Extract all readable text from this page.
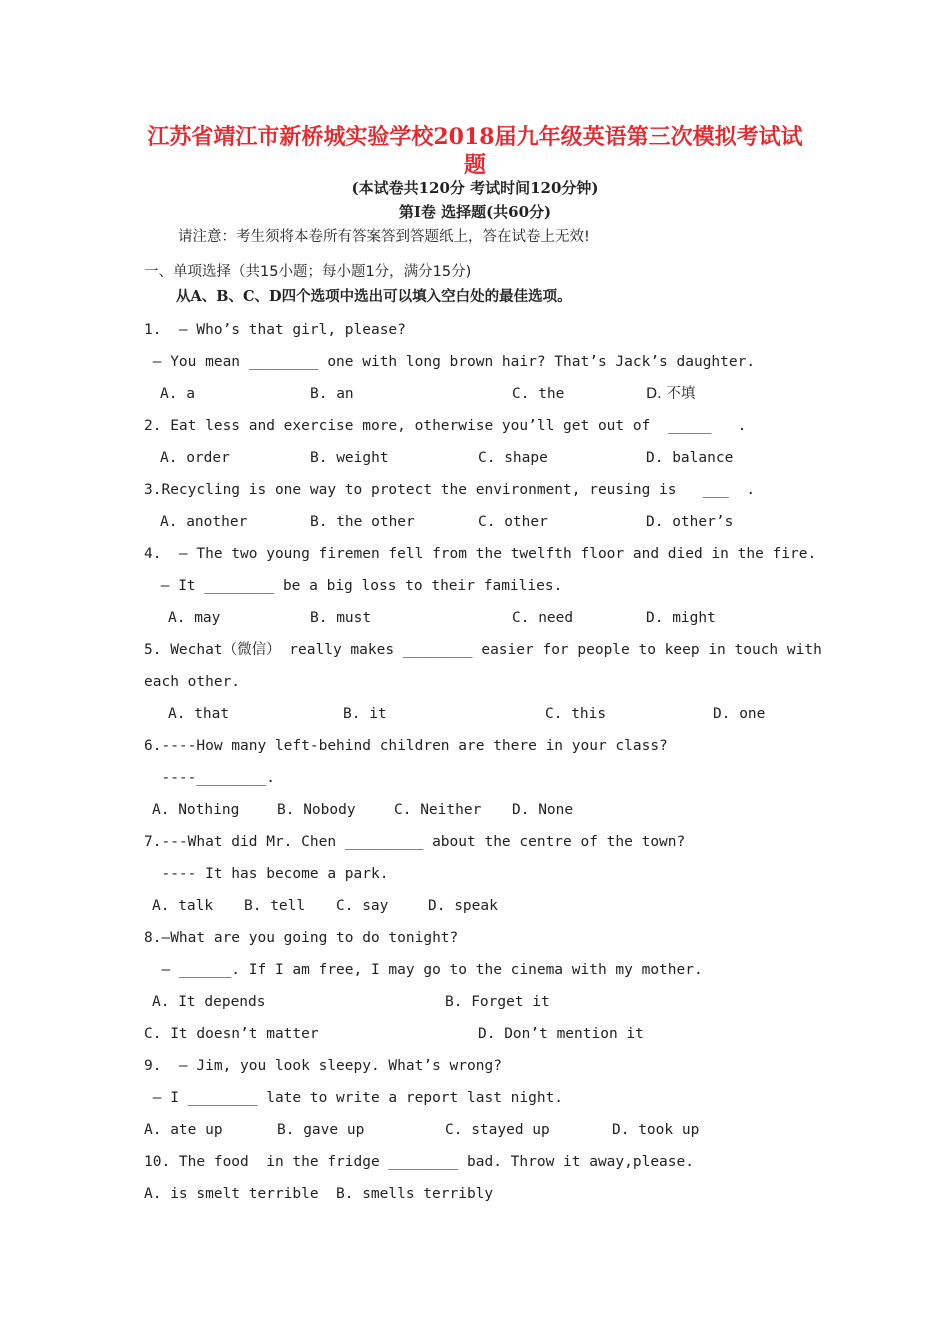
江苏省靖江市新桥城实验学校2018届九年级英语第三次模拟考试试
题
(本试卷共120分 考试时间120分钟)
第Ⅰ卷 选择题(共60分)
请注意：考生须将本卷所有答案答到答题纸上，答在试卷上无效!
一、单项选择（共15小题；每小题1分，满分15分)
从A、B、C、D四个选项中选出可以填入空白处的最佳选项。
1.  – Who’s that girl, please?
– You mean ________ one with long brown hair? That’s Jack’s daughter.
A. a	B. an	C. the	D. 不填
2. Eat less and exercise more, otherwise you’ll get out of  _____   .
A. order	B. weight	C. shape	D. balance
3.Recycling is one way to protect the environment, reusing is   ___  .
A. another	B. the other	C. other	D. other’s
4.  – The two young firemen fell from the twelfth floor and died in the fire.
– It ________ be a big loss to their families.
A. may	B. must	C. need	D. might
5. Wechat（微信） really makes ________ easier for people to keep in touch with
each other.
A. that	B. it	C. this	D. one
6.----How many left-behind children are there in your class?
----________.
A. Nothing	B. Nobody	C. Neither D. None
7.---What did Mr. Chen _________ about the centre of the town?
---- It has become a park.
A. talk B. tell C. say	D. speak
8.—What are you going to do tonight?
— ______. If I am free, I may go to the cinema with my mother.
A. It depends	B. Forget it
C. It doesn’t matter	D. Don’t mention it
9.  – Jim, you look sleepy. What’s wrong?
– I ________ late to write a report last night.
A. ate up	B. gave up	C. stayed up	D. took up
10. The food  in the fridge ________ bad. Throw it away,please.
A. is smelt terrible B. smells terribly
